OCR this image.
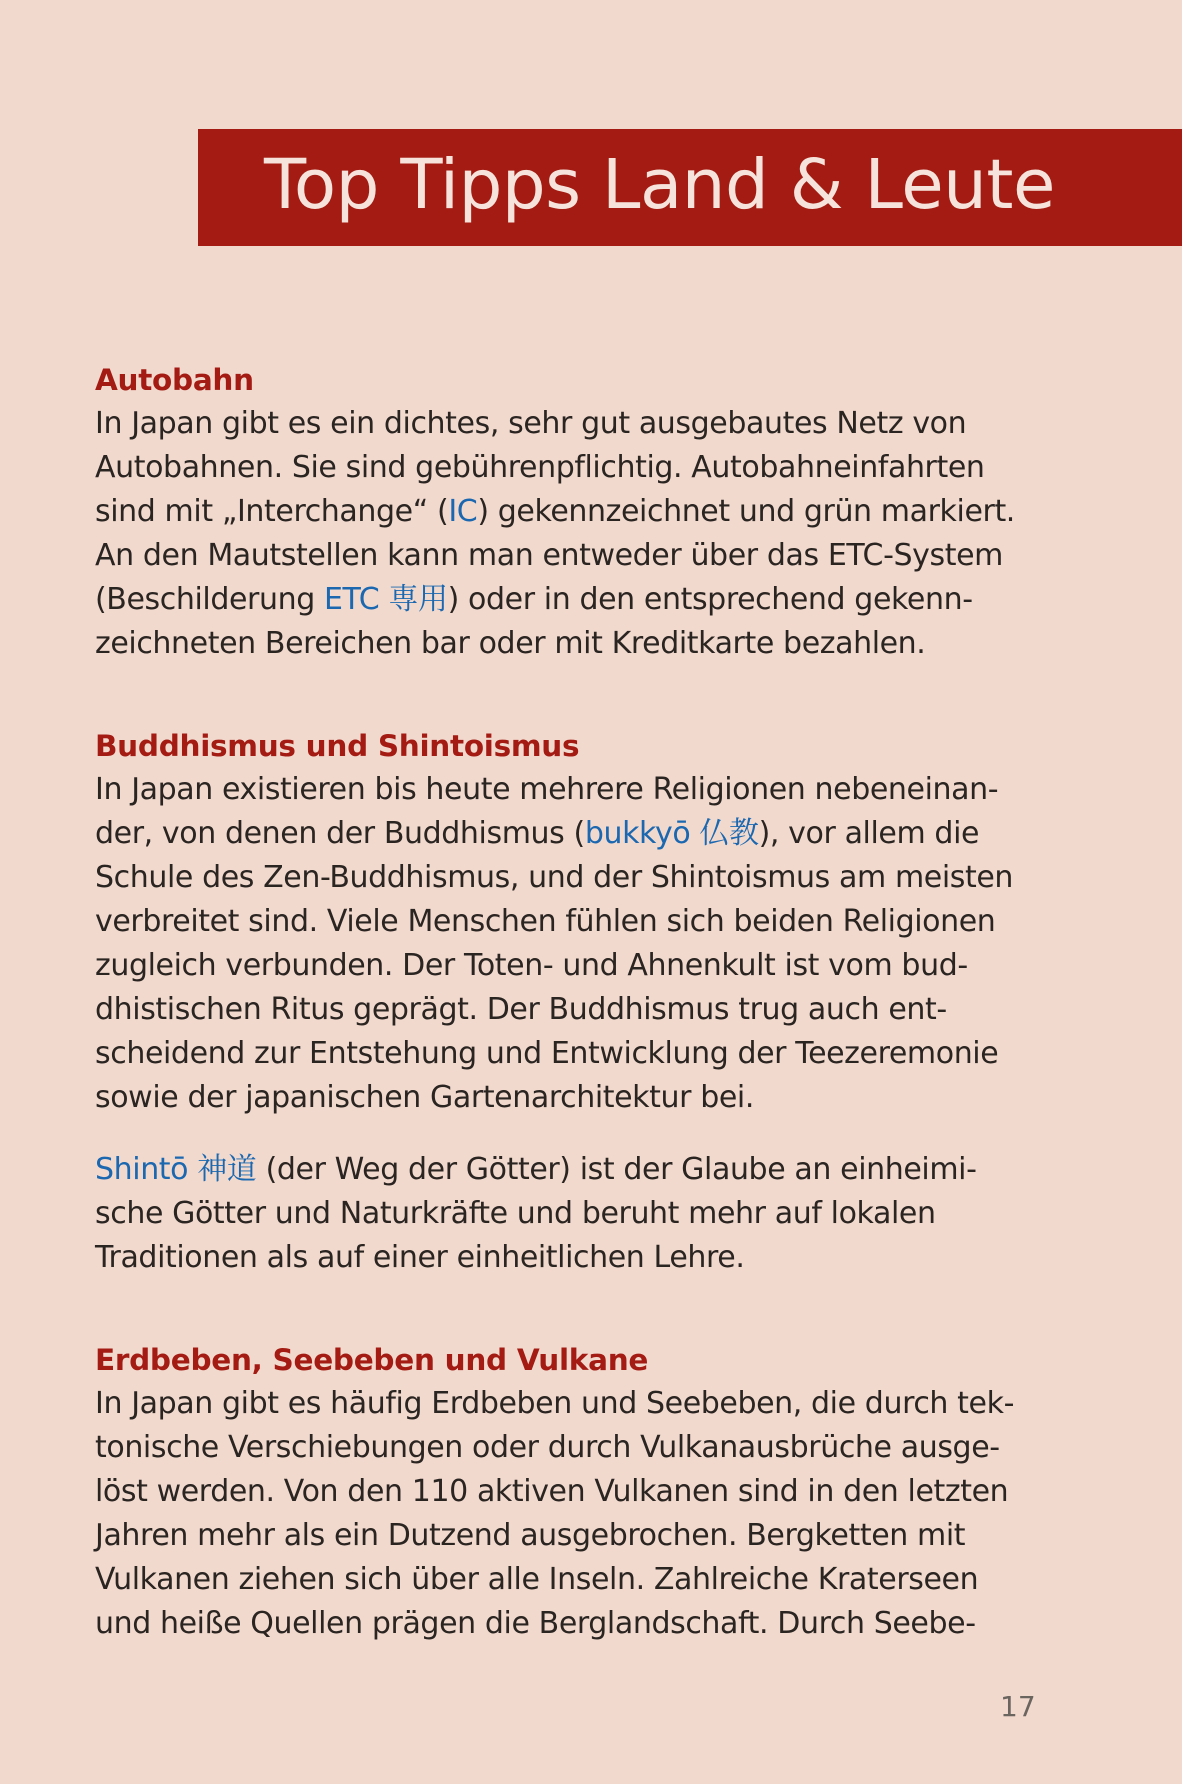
Top Tipps Land & Leute
Autobahn
In Japan gibt es ein dichtes, sehr gut ausgebautes Netz von
Autobahnen. Sie sind gebührenpflichtig. Autobahneinfahrten
sind mit „Interchange“ (IC) gekennzeichnet und grün markiert.
An den Mautstellen kann man entweder über das ETC-System
(Beschilderung ETC 専用) oder in den entsprechend gekenn-
zeichneten Bereichen bar oder mit Kreditkarte bezahlen.
Buddhismus und Shintoismus
In Japan existieren bis heute mehrere Religionen nebeneinan-
der, von denen der Buddhismus (bukkyō 仏教), vor allem die
Schule des Zen-Buddhismus, und der Shintoismus am meisten
verbreitet sind. Viele Menschen fühlen sich beiden Religionen
zugleich verbunden. Der Toten- und Ahnenkult ist vom bud-
dhistischen Ritus geprägt. Der Buddhismus trug auch ent-
scheidend zur Entstehung und Entwicklung der Teezeremonie
sowie der japanischen Gartenarchitektur bei.
Shintō 神道 (der Weg der Götter) ist der Glaube an einheimi-
sche Götter und Naturkräfte und beruht mehr auf lokalen
Traditionen als auf einer einheitlichen Lehre.
Erdbeben, Seebeben und Vulkane
In Japan gibt es häufig Erdbeben und Seebeben, die durch tek-
tonische Verschiebungen oder durch Vulkanausbrüche ausge-
löst werden. Von den 110 aktiven Vulkanen sind in den letzten
Jahren mehr als ein Dutzend ausgebrochen. Bergketten mit
Vulkanen ziehen sich über alle Inseln. Zahlreiche Kraterseen
und heiße Quellen prägen die Berglandschaft. Durch Seebe-
17
